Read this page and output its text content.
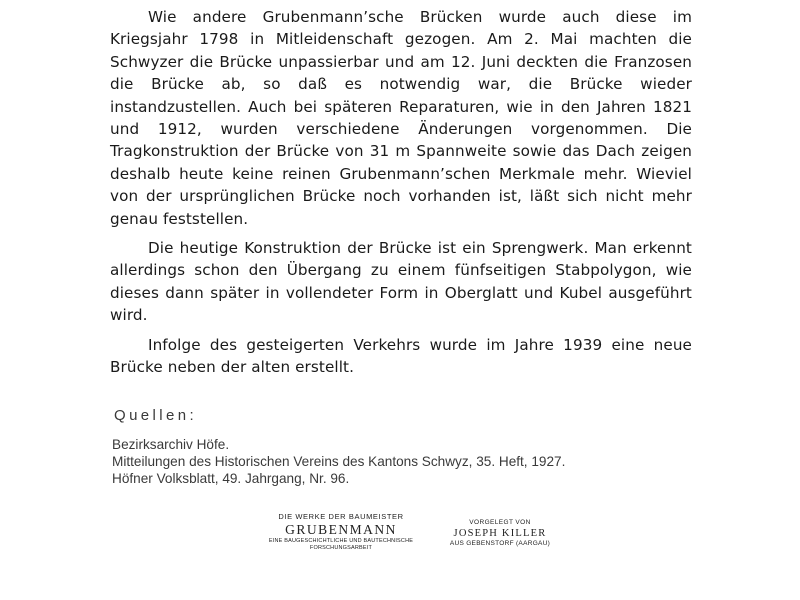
Wie andere Grubenmann’sche Brücken wurde auch diese im Kriegsjahr 1798 in Mitleidenschaft gezogen. Am 2. Mai machten die Schwyzer die Brücke unpassierbar und am 12. Juni deckten die Franzosen die Brücke ab, so daß es notwendig war, die Brücke wieder instandzustellen. Auch bei späteren Reparaturen, wie in den Jahren 1821 und 1912, wurden verschiedene Änderungen vorgenommen. Die Tragkonstruktion der Brücke von 31 m Spannweite sowie das Dach zeigen deshalb heute keine reinen Grubenmann’schen Merkmale mehr. Wieviel von der ursprünglichen Brücke noch vorhanden ist, läßt sich nicht mehr genau feststellen.

Die heutige Konstruktion der Brücke ist ein Sprengwerk. Man erkennt allerdings schon den Übergang zu einem fünfseitigen Stabpolygon, wie dieses dann später in vollendeter Form in Oberglatt und Kubel ausgeführt wird.

Infolge des gesteigerten Verkehrs wurde im Jahre 1939 eine neue Brücke neben der alten erstellt.

Quellen:
Bezirksarchiv Höfe.
Mitteilungen des Historischen Vereins des Kantons Schwyz, 35. Heft, 1927.
Höfner Volksblatt, 49. Jahrgang, Nr. 96.
DIE WERKE DER BAUMEISTER
GRUBENMANN
EINE BAUGESCHICHTLICHE UND BAUTECHNISCHE FORSCHUNGSARBEIT
VORGELEGT VON
JOSEPH KILLER
AUS GEBENSTORF (AARGAU)
